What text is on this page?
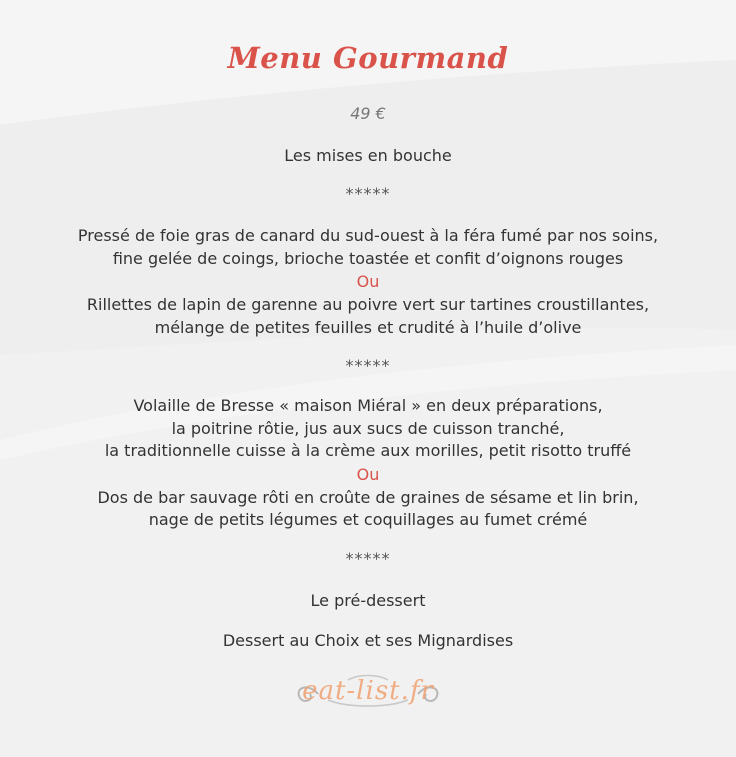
Menu Gourmand
49 €
Les mises en bouche
*****
Pressé de foie gras de canard du sud-ouest à la féra fumé par nos soins,
fine gelée de coings, brioche toastée et confit d’oignons rouges
Ou
Rillettes de lapin de garenne au poivre vert sur tartines croustillantes,
mélange de petites feuilles et crudité à l’huile d’olive
*****
Volaille de Bresse « maison Miéral » en deux préparations,
la poitrine rôtie, jus aux sucs de cuisson tranché,
la traditionnelle cuisse à la crème aux morilles, petit risotto truffé
Ou
Dos de bar sauvage rôti en croûte de graines de sésame et lin brin,
nage de petits légumes et coquillages au fumet crémé
*****
Le pré-dessert
Dessert au Choix et ses Mignardises
eat-list.fr
